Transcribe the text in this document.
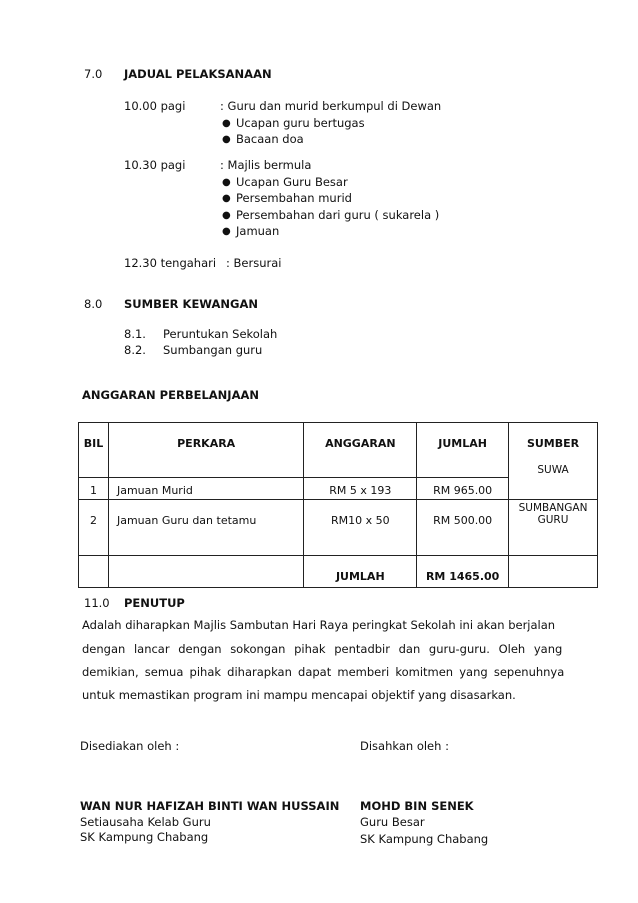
7.0 JADUAL PELAKSANAAN
10.00 pagi	: Guru dan murid berkumpul di Dewan
● Ucapan guru bertugas
● Bacaan doa
10.30 pagi	: Majlis bermula
● Ucapan Guru Besar
● Persembahan murid
● Persembahan dari guru ( sukarela )
● Jamuan
12.30 tengahari : Bersurai
8.0 SUMBER KEWANGAN
8.1. Peruntukan Sekolah
8.2. Sumbangan guru
ANGGARAN PERBELANJAAN
BIL	PERKARA	ANGGARAN	JUMLAH	SUMBER
1	Jamuan Murid	RM 5 x 193	RM 965.00	SUWA

2	Jamuan Guru dan tetamu	RM10 x 50	RM 500.00	SUMBANGAN
GURU

		JUMLAH	RM 1465.00	
11.0 PENUTUP
Adalah diharapkan Majlis Sambutan Hari Raya peringkat Sekolah ini akan berjalan
dengan lancar dengan sokongan pihak pentadbir dan guru-guru. Oleh yang
demikian, semua pihak diharapkan dapat memberi komitmen yang sepenuhnya
untuk memastikan program ini mampu mencapai objektif yang disasarkan.
Disediakan oleh :	Disahkan oleh :
WAN NUR HAFIZAH BINTI WAN HUSSAIN
Setiausaha Kelab Guru
SK Kampung Chabang
MOHD BIN SENEK
Guru Besar
SK Kampung Chabang
